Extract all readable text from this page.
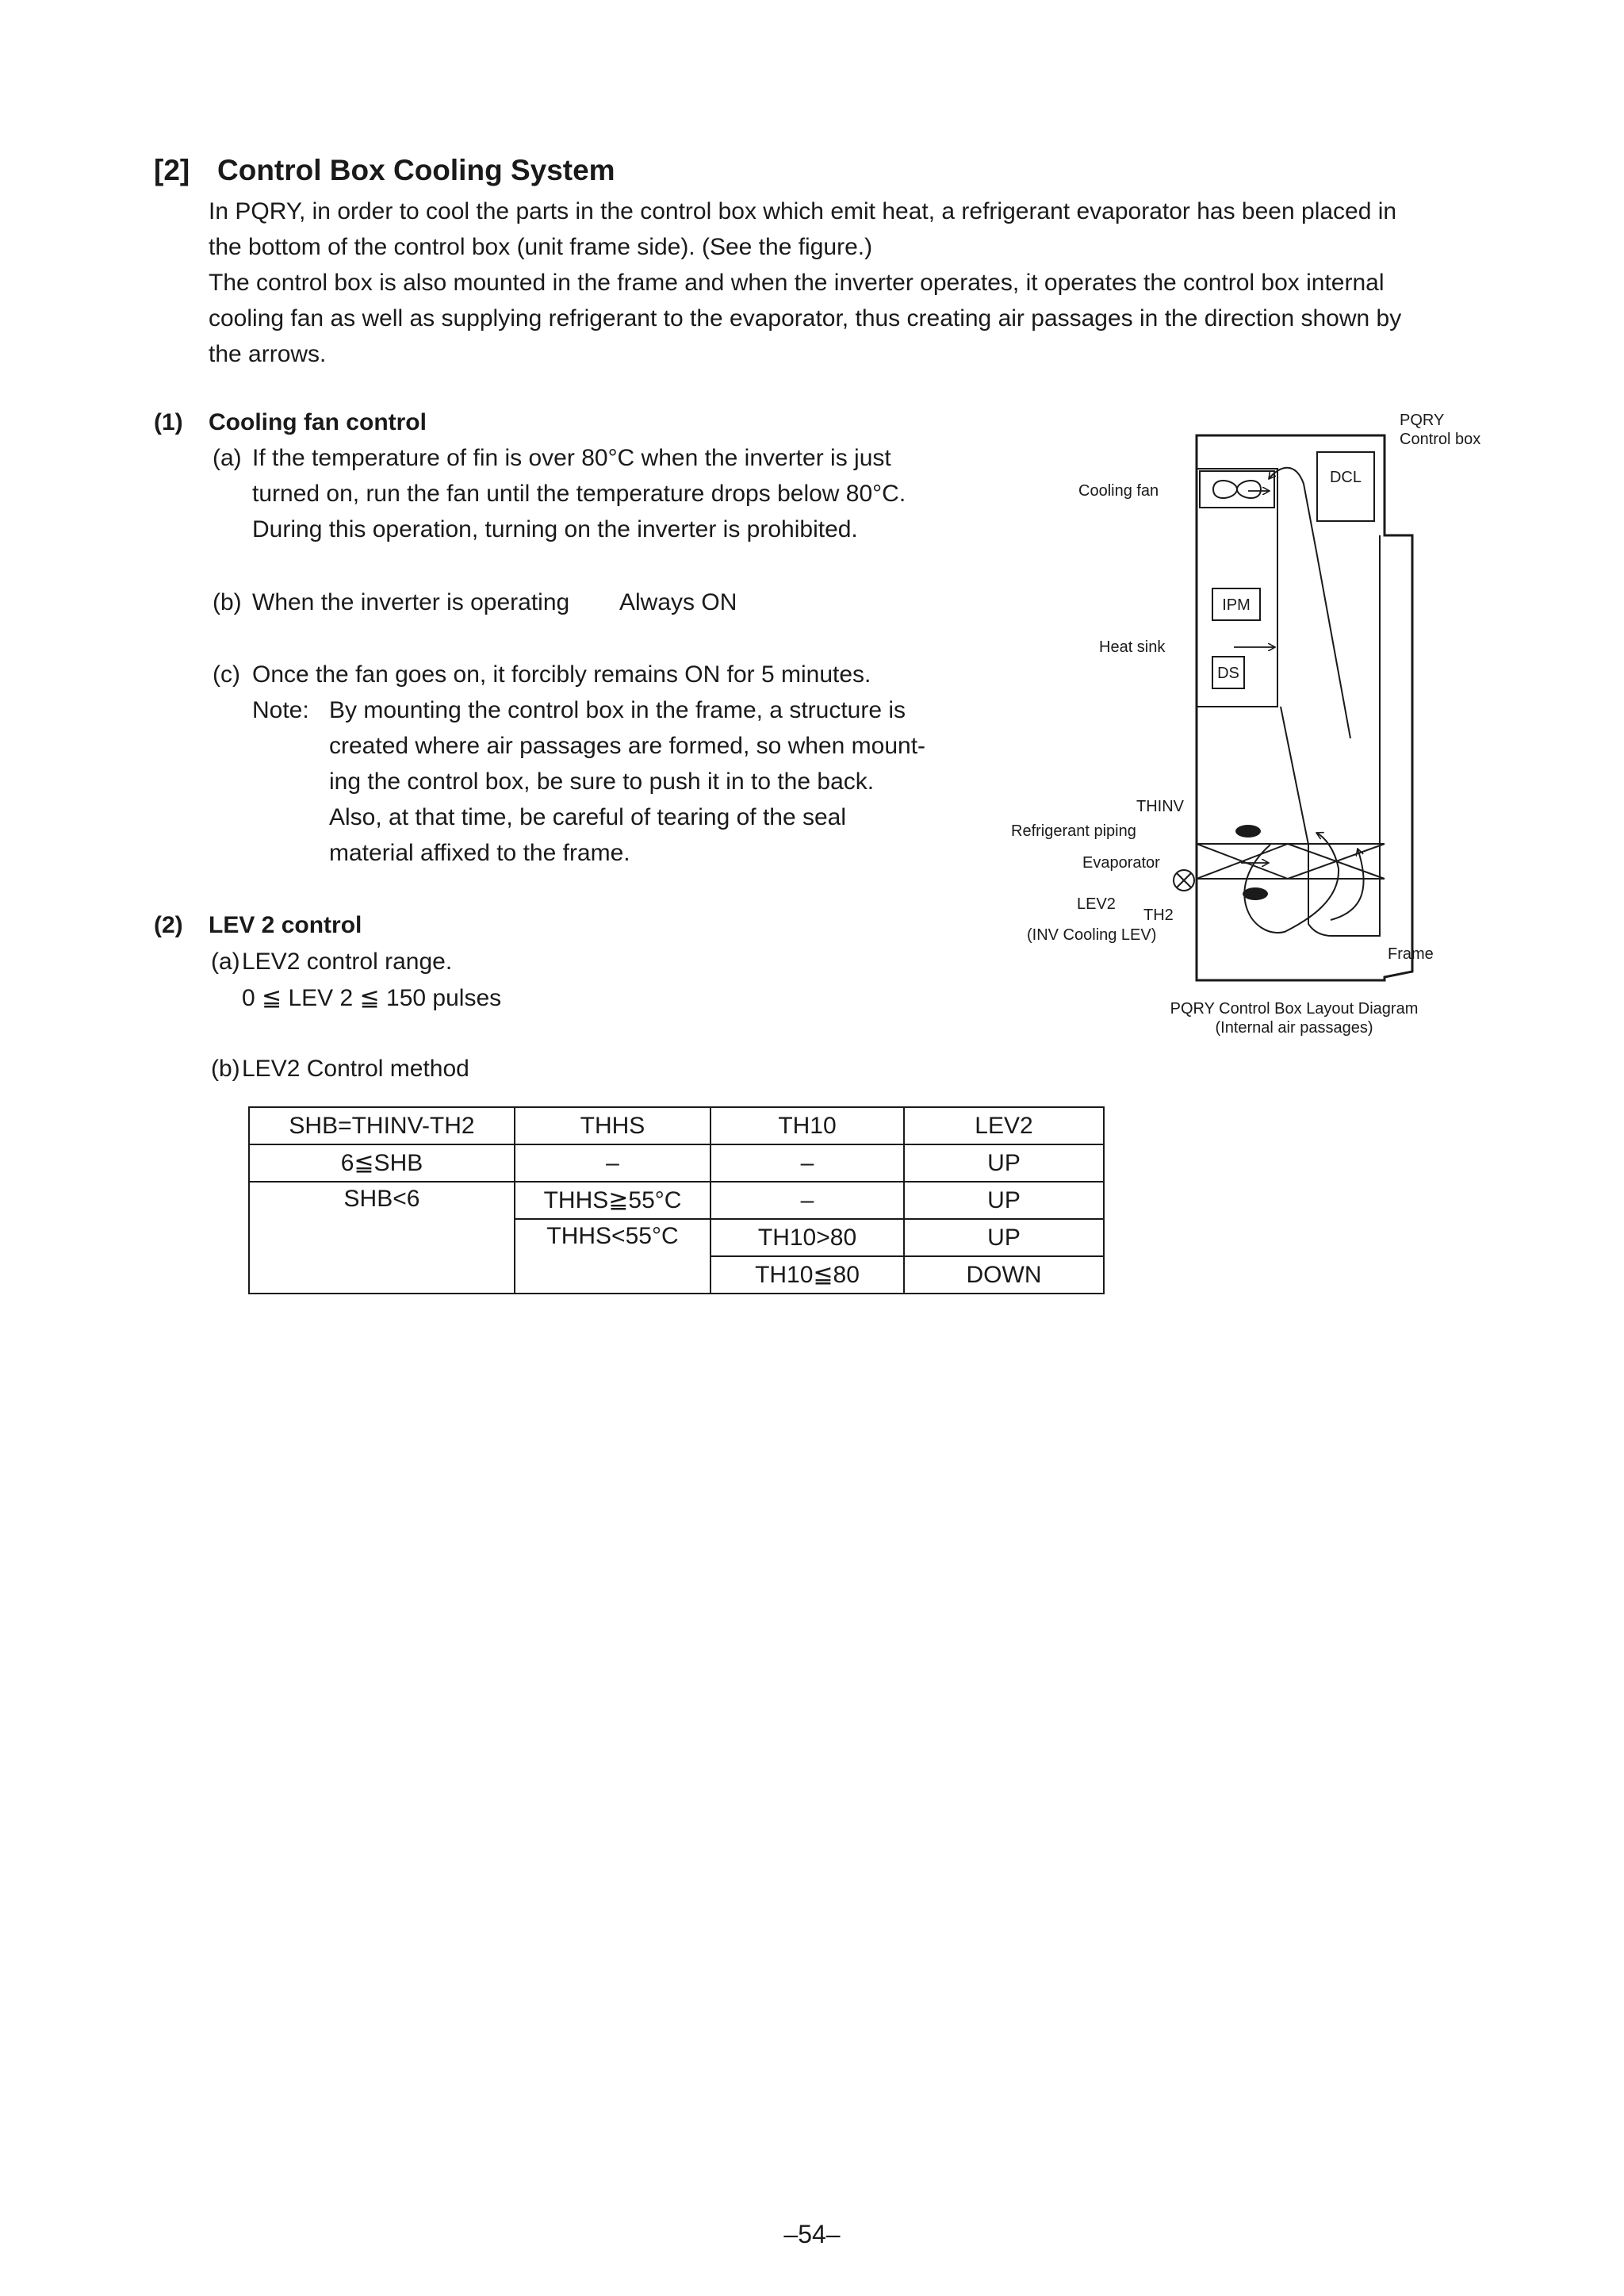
[2] Control Box Cooling System
In PQRY, in order to cool the parts in the control box which emit heat, a refrigerant evaporator has been placed in
the bottom of the control box (unit frame side). (See the figure.)
The control box is also mounted in the frame and when the inverter operates, it operates the control box internal
cooling fan as well as supplying refrigerant to the evaporator, thus creating air passages in the direction shown by
the arrows.
(1) Cooling fan control
(a) If the temperature of fin is over 80°C when the inverter is just
turned on, run the fan until the temperature drops below 80°C.
During this operation, turning on the inverter is prohibited.
(b) When the inverter is operating Always ON
(c) Once the fan goes on, it forcibly remains ON for 5 minutes.
Note: By mounting the control box in the frame, a structure is
created where air passages are formed, so when mount-
ing the control box, be sure to push it in to the back.
Also, at that time, be careful of tearing of the seal
material affixed to the frame.
(2) LEV 2 control
(a) LEV2 control range.
0 ≦ LEV 2 ≦ 150 pulses
(b) LEV2 Control method
SHB=THINV-TH2	THHS	TH10	LEV2
6≦SHB	–	–	UP
SHB<6	THHS≧55°C	–	UP
	THHS<55°C	TH10>80	UP
		TH10≦80	DOWN
DCL
IPM
DS
PQRY
Control box
Cooling fan
Heat sink
THINV
Refrigerant piping
Evaporator
LEV2
TH2
(INV Cooling LEV)
Frame
PQRY Control Box Layout Diagram
(Internal air passages)
–54–
